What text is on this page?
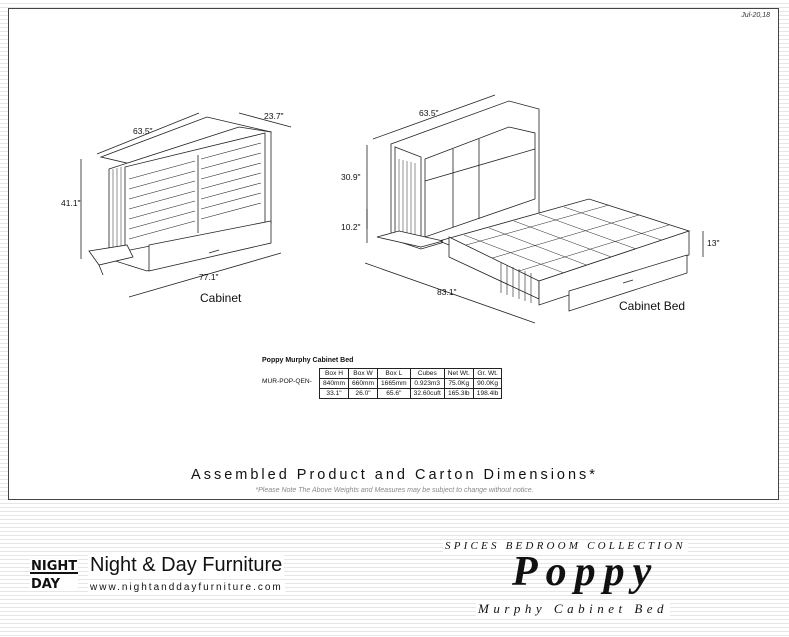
Jul-20,18
63.5"
23.7"
41.1"
77.1"
63.5"
30.9"
10.2"
13"
83.1"
Cabinet
Cabinet Bed
Poppy Murphy Cabinet Bed
MUR-POP-QEN-
Box H	Box W	Box L	Cubes	Net Wt.	Gr. Wt.
840mm	660mm	1665mm	0.923m3	75.0Kg	90.0Kg
33.1"	26.0"	65.6"	32.60cuft	165.3lb	198.4lb
Assembled Product and Carton Dimensions*
*Please Note The Above Weights and Measures may be subject to change without notice.
NIGHT
DAY
Night & Day Furniture
www.nightanddayfurniture.com
SPICES BEDROOM COLLECTION
Poppy
Murphy Cabinet Bed
